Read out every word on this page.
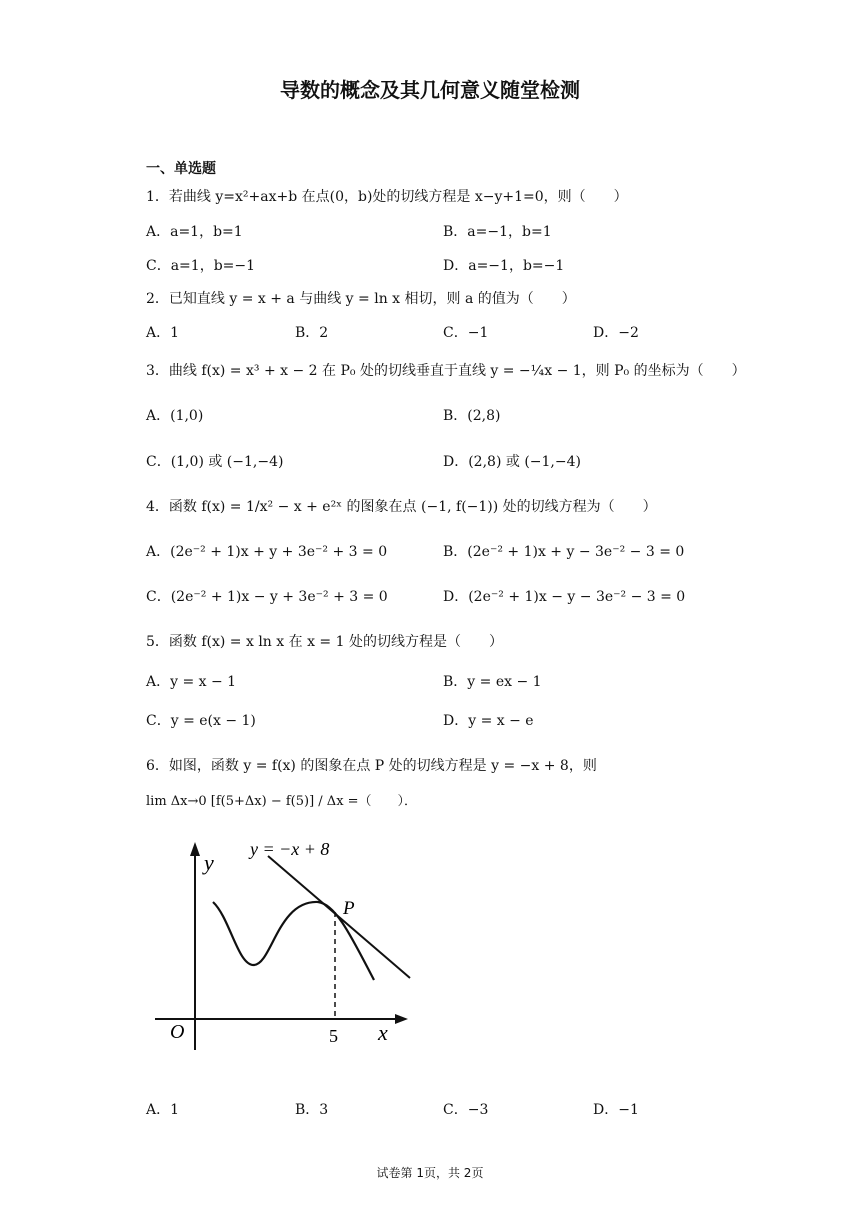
导数的概念及其几何意义随堂检测
一、单选题
1．若曲线 y=x²+ax+b 在点(0，b)处的切线方程是 x−y+1=0，则（　　）
A．a=1，b=1	B．a=−1，b=1
C．a=1，b=−1	D．a=−1，b=−1
2．已知直线 y = x + a 与曲线 y = ln x 相切，则 a 的值为（　　）
A．1	B．2	C．−1	D．−2
3．曲线 f(x) = x³ + x − 2 在 P₀ 处的切线垂直于直线 y = −¼x − 1，则 P₀ 的坐标为（　　）
A．(1,0)	B．(2,8)
C．(1,0) 或 (−1,−4)	D．(2,8) 或 (−1,−4)
4．函数 f(x) = 1/x² − x + e²ˣ 的图象在点 (−1, f(−1)) 处的切线方程为（　　）
A．(2e⁻² + 1)x + y + 3e⁻² + 3 = 0	B．(2e⁻² + 1)x + y − 3e⁻² − 3 = 0
C．(2e⁻² + 1)x − y + 3e⁻² + 3 = 0	D．(2e⁻² + 1)x − y − 3e⁻² − 3 = 0
5．函数 f(x) = x ln x 在 x = 1 处的切线方程是（　　）
A．y = x − 1	B．y = ex − 1
C．y = e(x − 1)	D．y = x − e
6．如图，函数 y = f(x) 的图象在点 P 处的切线方程是 y = −x + 8，则
lim Δx→0 [f(5+Δx) − f(5)] / Δx =（　　）．
y = −x + 8
y
x
O
P
5
A．1	B．3	C．−3	D．−1
试卷第 1页，共 2页
